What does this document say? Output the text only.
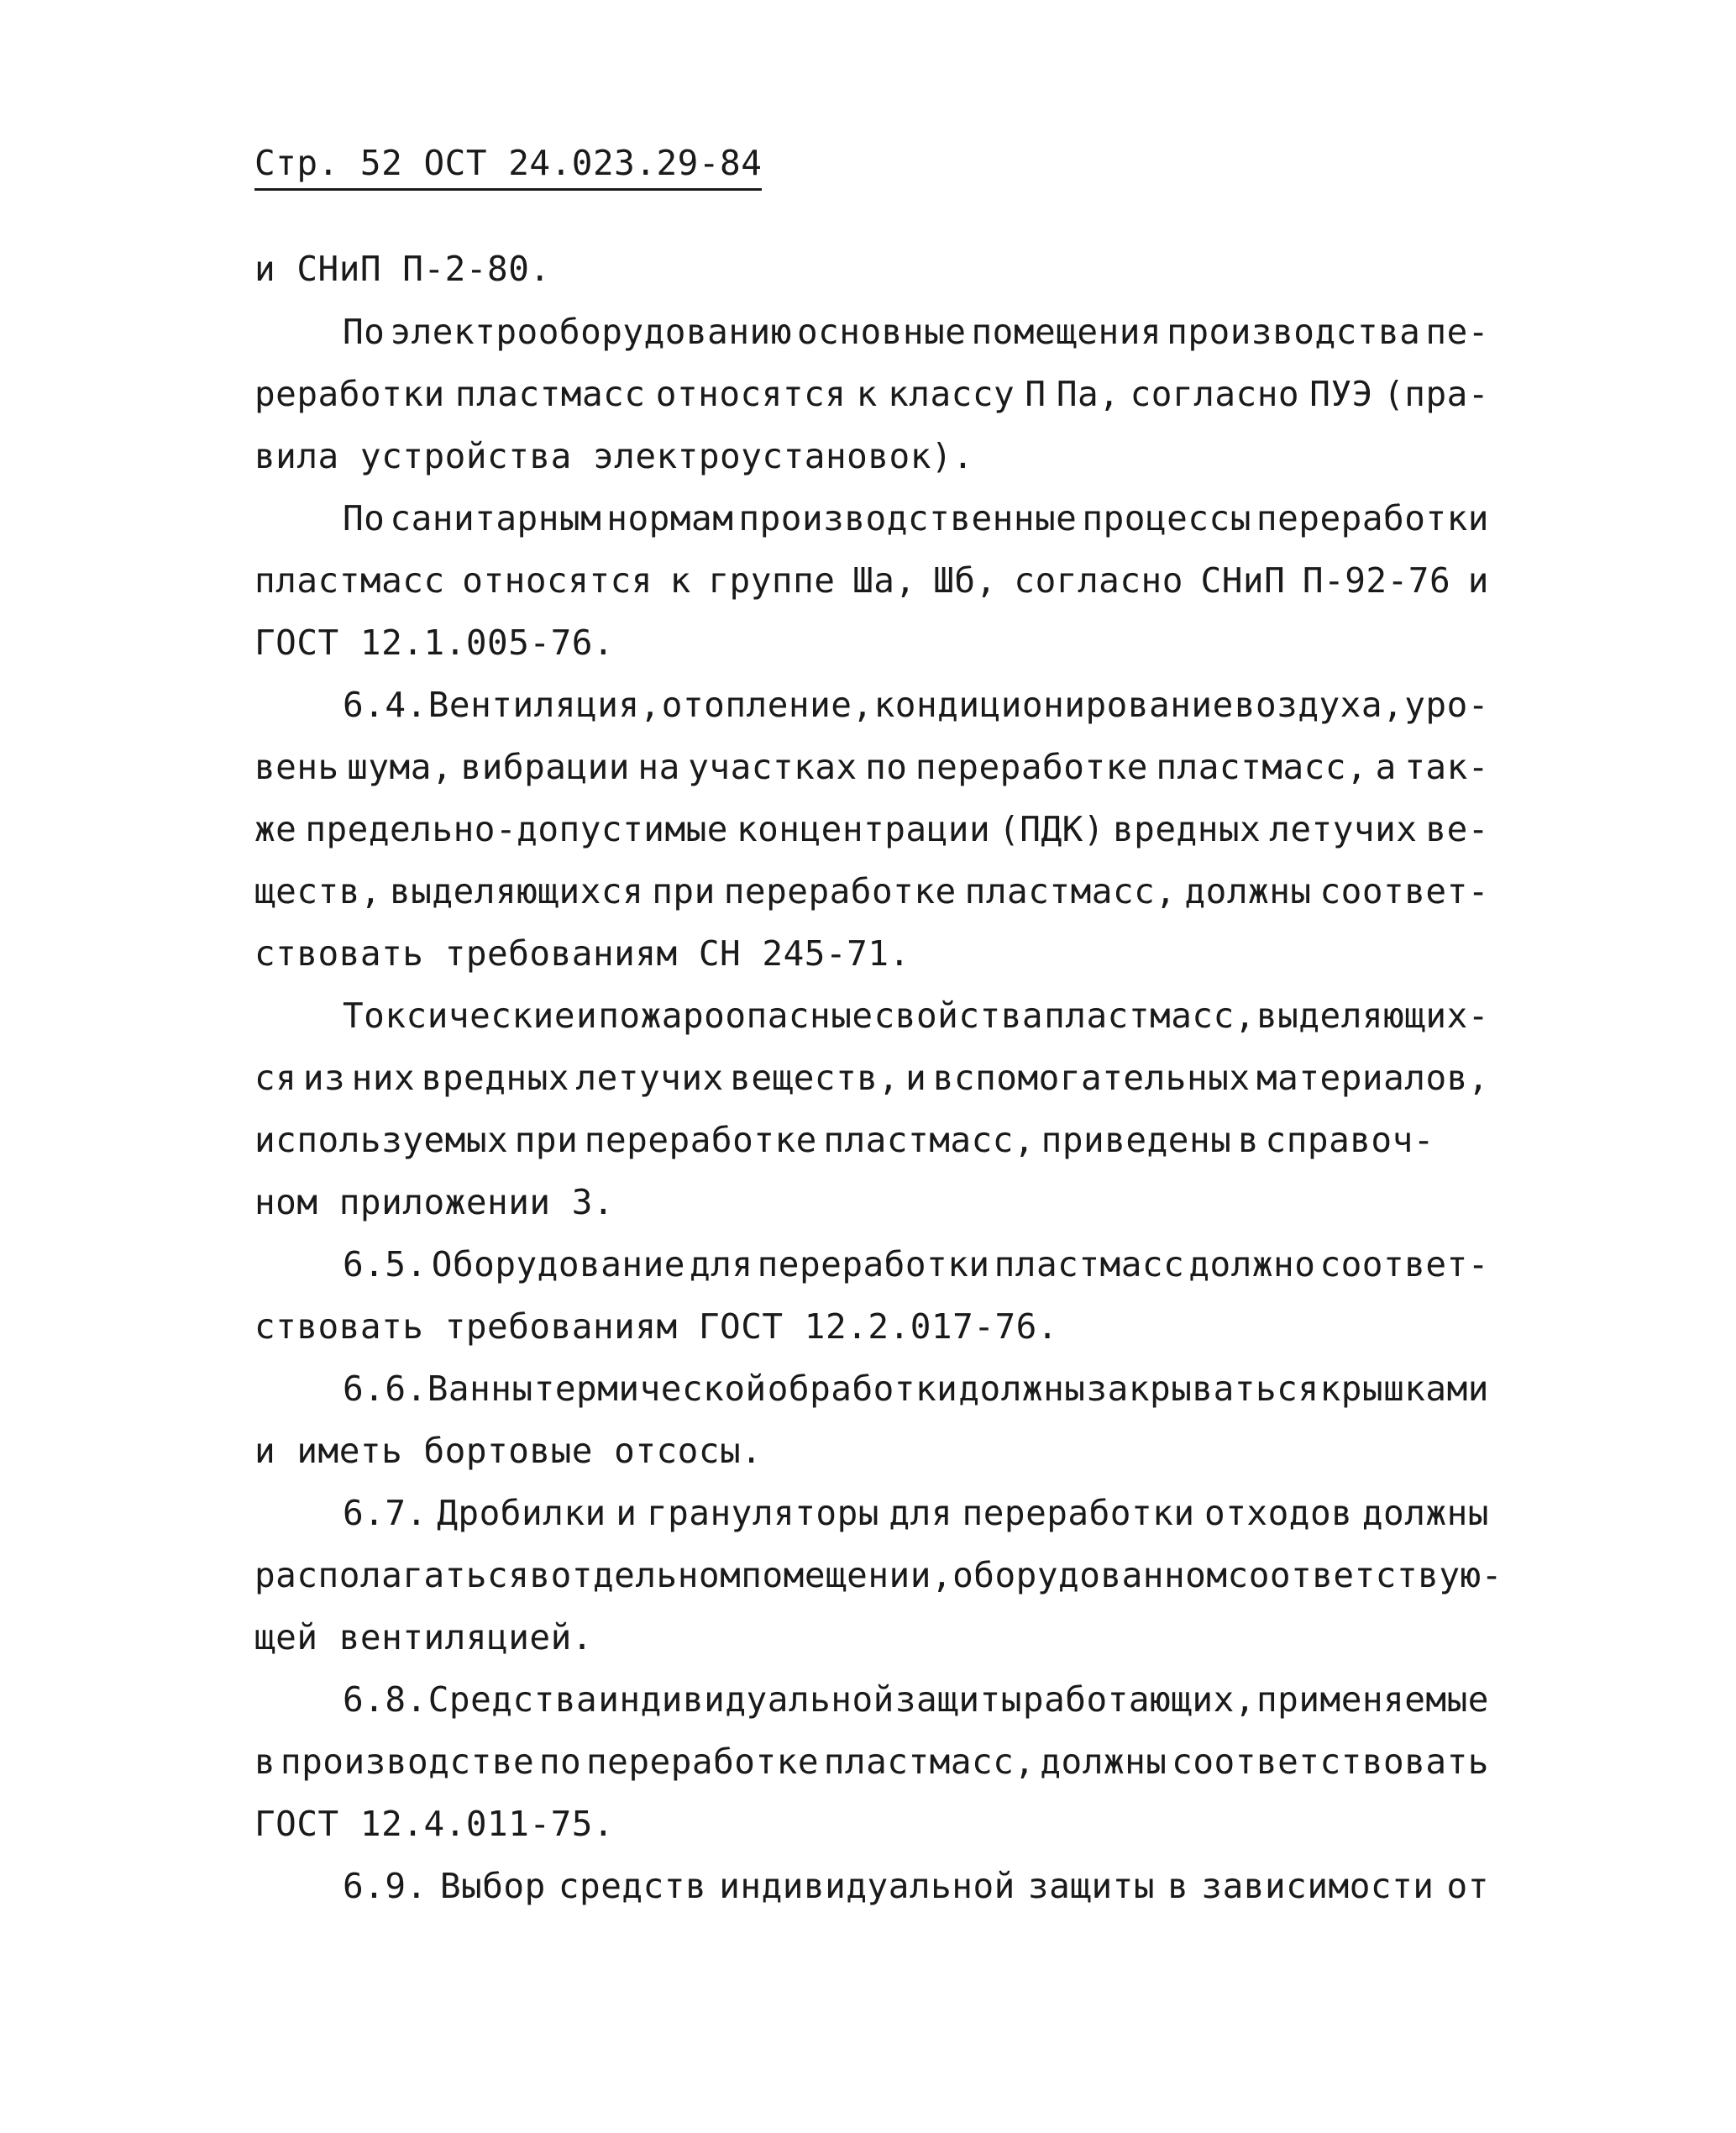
Стр. 52 ОСТ 24.023.29-84
и СНиП П-2-80.
По электрооборудованию основные помещения производства пе-
реработки пластмасс относятся к классу П Па, согласно ПУЭ (пра-
вила устройства электроустановок).
По санитарным нормам производственные процессы переработки
пластмасс относятся к группе Ша, Шб, согласно СНиП П-92-76 и
ГОСТ 12.1.005-76.
6.4. Вентиляция, отопление, кондиционирование воздуха, уро-
вень шума, вибрации на участках по переработке пластмасс, а так-
же предельно-допустимые концентрации (ПДК) вредных летучих ве-
ществ, выделяющихся при переработке пластмасс, должны соответ-
ствовать требованиям СН 245-71.
Токсические и пожароопасные свойства пластмасс, выделяющих-
ся из них вредных летучих веществ, и вспомогательных материалов,
используемых при переработке пластмасс, приведены в справоч-
ном приложении 3.
6.5. Оборудование для переработки пластмасс должно соответ-
ствовать требованиям ГОСТ 12.2.017-76.
6.6.Ванны термической обработки должны закрываться крышками
и иметь бортовые отсосы.
6.7. Дробилки и грануляторы для переработки отходов должны
располагаться в отдельном помещении, оборудованном соответствую-
щей вентиляцией.
6.8. Средства индивидуальной защиты работающих, применяемые
в производстве по переработке пластмасс, должны соответствовать
ГОСТ 12.4.011-75.
6.9. Выбор средств индивидуальной защиты в зависимости от
